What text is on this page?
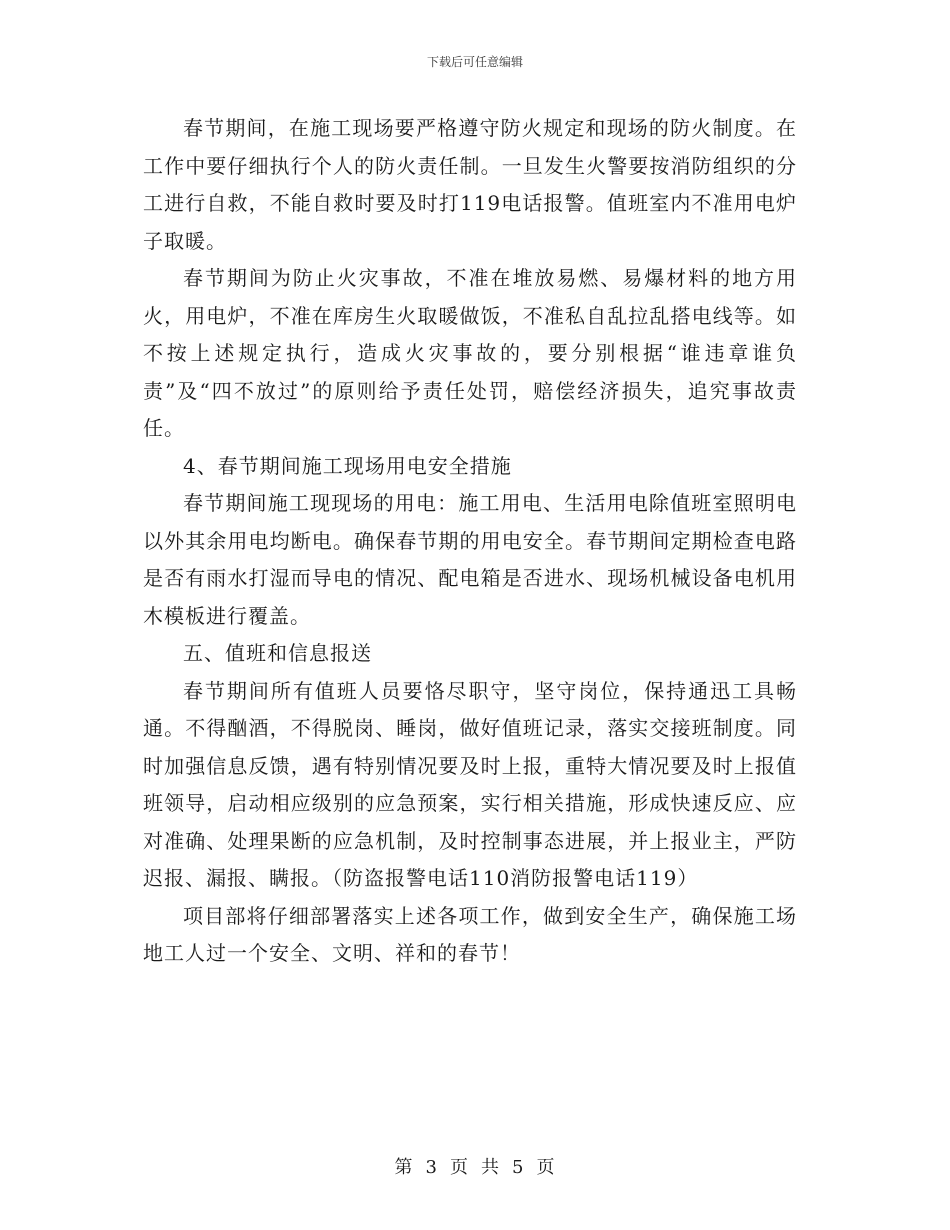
下载后可任意编辑

春节期间，在施工现场要严格遵守防火规定和现场的防火制度。在工作中要仔细执行个人的防火责任制。一旦发生火警要按消防组织的分工进行自救，不能自救时要及时打119电话报警。值班室内不准用电炉子取暖。

春节期间为防止火灾事故，不准在堆放易燃、易爆材料的地方用火，用电炉，不准在库房生火取暖做饭，不准私自乱拉乱搭电线等。如不按上述规定执行，造成火灾事故的，要分别根据“谁违章谁负责”及“四不放过”的原则给予责任处罚，赔偿经济损失，追究事故责任。

4、春节期间施工现场用电安全措施

春节期间施工现现场的用电：施工用电、生活用电除值班室照明电以外其余用电均断电。确保春节期的用电安全。春节期间定期检查电路是否有雨水打湿而导电的情况、配电箱是否进水、现场机械设备电机用木模板进行覆盖。

五、值班和信息报送

春节期间所有值班人员要恪尽职守，坚守岗位，保持通迅工具畅通。不得酗酒，不得脱岗、睡岗，做好值班记录，落实交接班制度。同时加强信息反馈，遇有特别情况要及时上报，重特大情况要及时上报值班领导，启动相应级别的应急预案，实行相关措施，形成快速反应、应对准确、处理果断的应急机制，及时控制事态进展，并上报业主，严防迟报、漏报、瞒报。（防盗报警电话110消防报警电话119）

项目部将仔细部署落实上述各项工作，做到安全生产，确保施工场地工人过一个安全、文明、祥和的春节！

第 3 页 共 5 页
